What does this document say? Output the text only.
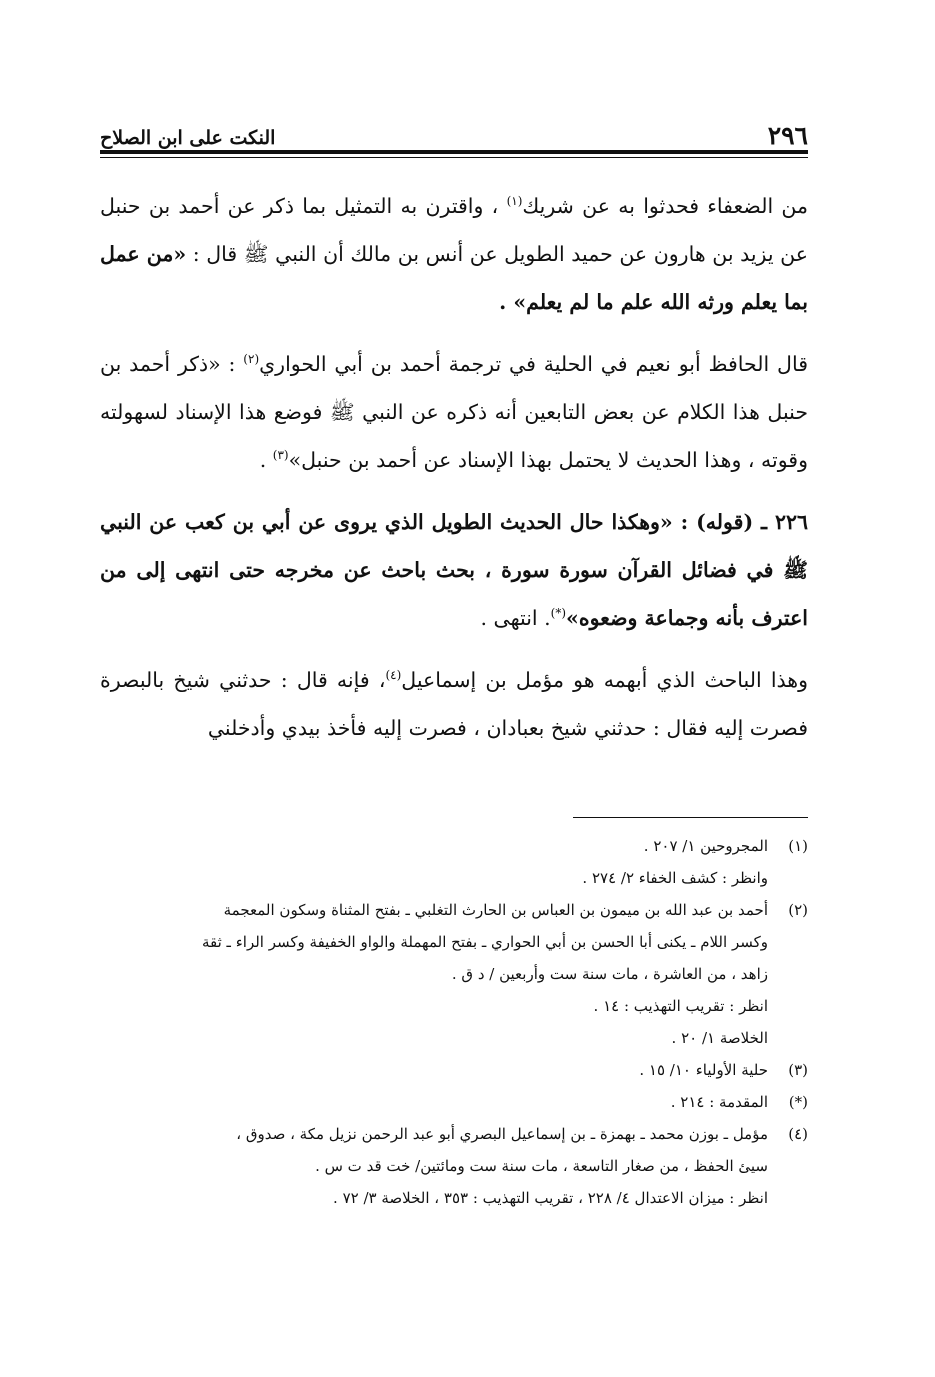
٢٩٦
النكت على ابن الصلاح

من الضعفاء فحدثوا به عن شريك$^{(١)}$ ، واقترن به التمثيل بما ذكر عن أحمد بن حنبل عن يزيد بن هارون عن حميد الطويل عن أنس بن مالك أن النبي ﷺ قال : «من عمل بما يعلم ورثه الله علم ما لم يعلم» .

قال الحافظ أبو نعيم في الحلية في ترجمة أحمد بن أبي الحواري$^{(٢)}$ : «ذكر أحمد بن حنبل هذا الكلام عن بعض التابعين أنه ذكره عن النبي ﷺ فوضع هذا الإسناد لسهولته وقوته ، وهذا الحديث لا يحتمل بهذا الإسناد عن أحمد بن حنبل»$^{(٣)}$ .

٢٢٦ ـ (قوله) : «وهكذا حال الحديث الطويل الذي يروى عن أبي بن كعب عن النبي ﷺ في فضائل القرآن سورة سورة ، بحث باحث عن مخرجه حتى انتهى إلى من اعترف بأنه وجماعة وضعوه»(*). انتهى .

وهذا الباحث الذي أبهمه هو مؤمل بن إسماعيل$^{(٤)}$، فإنه قال : حدثني شيخ بالبصرة فصرت إليه فقال : حدثني شيخ بعبادان ، فصرت إليه فأخذ بيدي وأدخلني

(١)
المجروحين ١/ ٢٠٧ .
وانظر : كشف الخفاء ٢/ ٢٧٤ .
(٢)
أحمد بن عبد الله بن ميمون بن العباس بن الحارث التغلبي ـ بفتح المثناة وسكون المعجمة
وكسر اللام ـ يكنى أبا الحسن بن أبي الحواري ـ بفتح المهملة والواو الخفيفة وكسر الراء ـ ثقة
زاهد ، من العاشرة ، مات سنة ست وأربعين / د ق .
انظر : تقريب التهذيب : ١٤ .
الخلاصة ١/ ٢٠ .
(٣)
حلية الأولياء ١٠/ ١٥ .
(*)
المقدمة : ٢١٤ .
(٤)
مؤمل ـ بوزن محمد ـ بهمزة ـ بن إسماعيل البصري أبو عبد الرحمن نزيل مكة ، صدوق ،
سيئ الحفظ ، من صغار التاسعة ، مات سنة ست ومائتين/ خت قد ت س .
انظر : ميزان الاعتدال ٤/ ٢٢٨ ، تقريب التهذيب : ٣٥٣ ، الخلاصة ٣/ ٧٢ .
